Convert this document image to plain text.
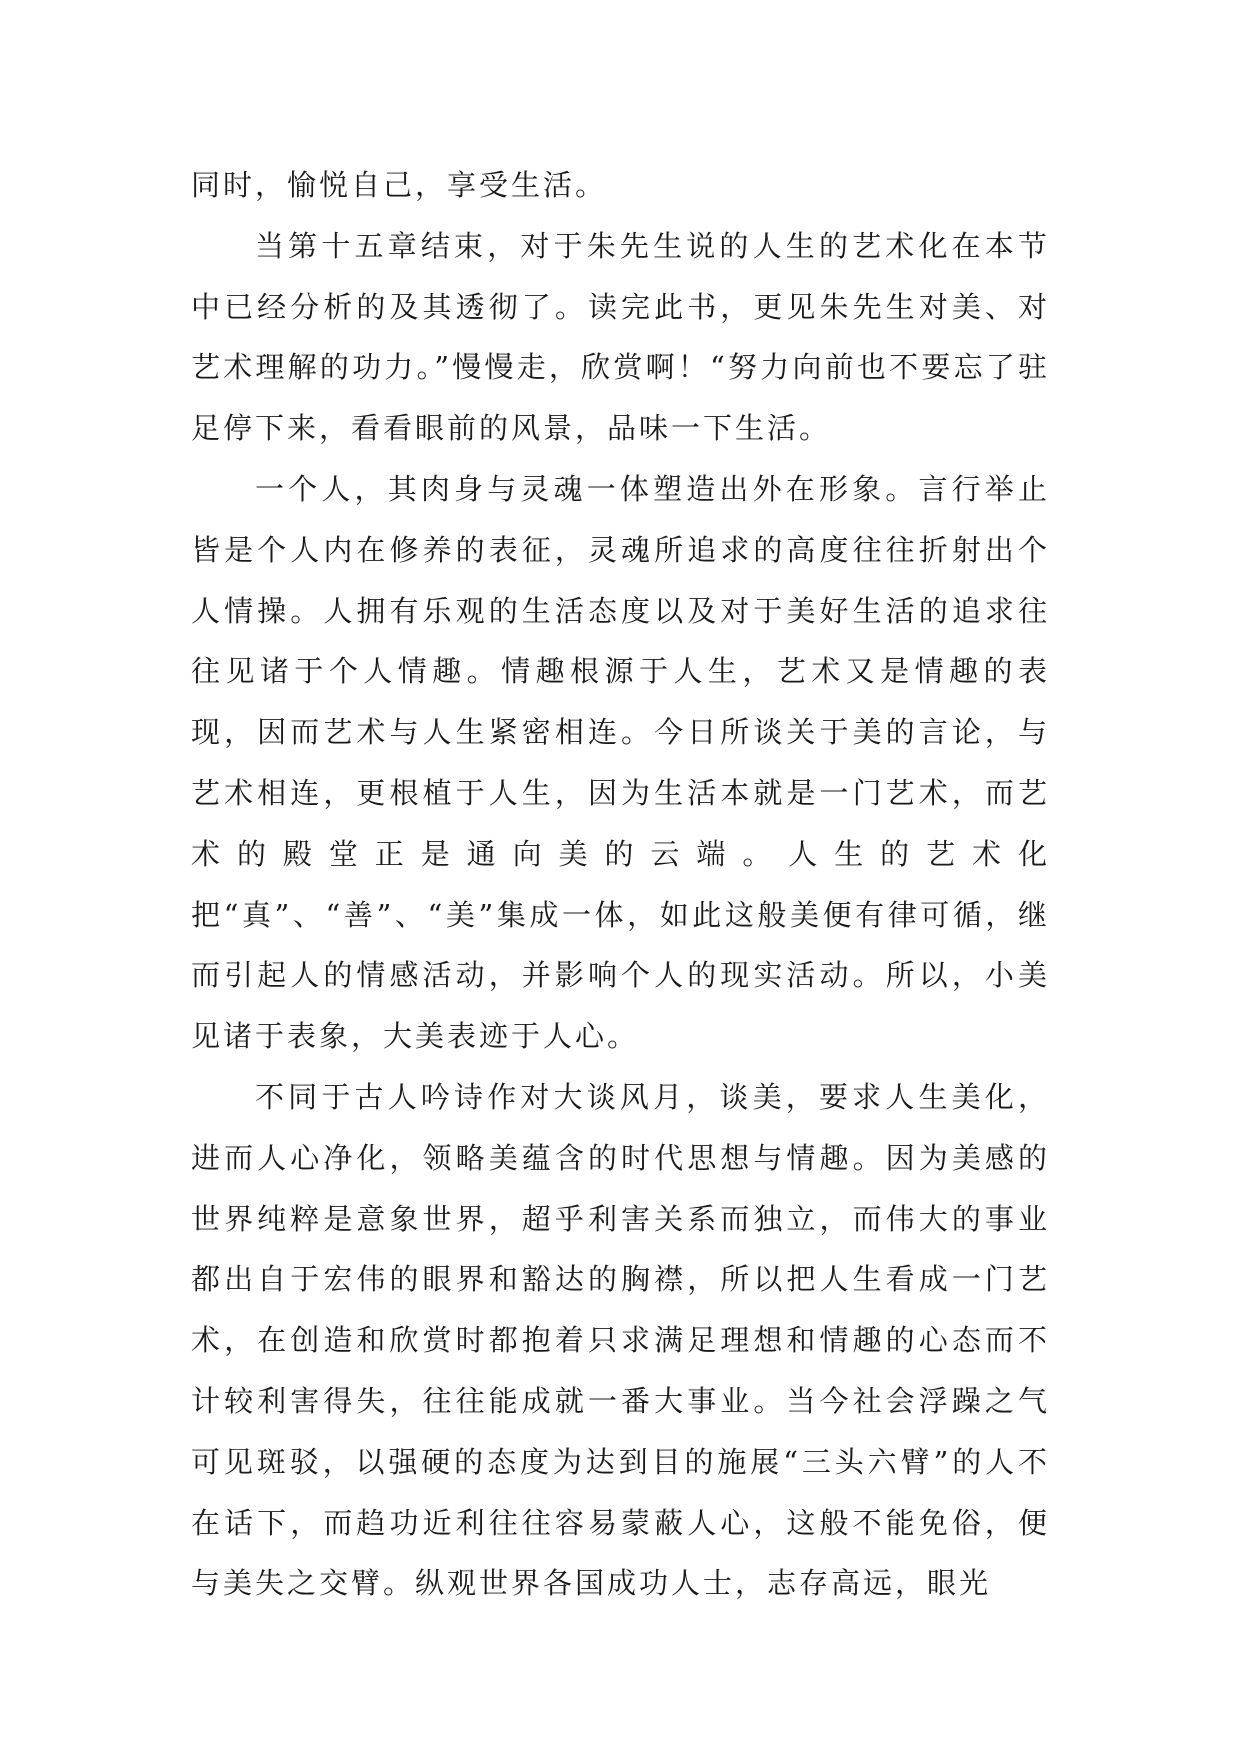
同时，愉悦自己，享受生活。

当第十五章结束，对于朱先生说的人生的艺术化在本节中已经分析的及其透彻了。读完此书，更见朱先生对美、对艺术理解的功力。”慢慢走，欣赏啊！“努力向前也不要忘了驻足停下来，看看眼前的风景，品味一下生活。

一个人，其肉身与灵魂一体塑造出外在形象。言行举止皆是个人内在修养的表征，灵魂所追求的高度往往折射出个人情操。人拥有乐观的生活态度以及对于美好生活的追求往往见诸于个人情趣。情趣根源于人生，艺术又是情趣的表现，因而艺术与人生紧密相连。今日所谈关于美的言论，与艺术相连，更根植于人生，因为生活本就是一门艺术，而艺术的殿堂正是通向美的云端。人生的艺术化把“真”、“善”、“美”集成一体，如此这般美便有律可循，继而引起人的情感活动，并影响个人的现实活动。所以，小美见诸于表象，大美表迹于人心。

不同于古人吟诗作对大谈风月，谈美，要求人生美化，进而人心净化，领略美蕴含的时代思想与情趣。因为美感的世界纯粹是意象世界，超乎利害关系而独立，而伟大的事业都出自于宏伟的眼界和豁达的胸襟，所以把人生看成一门艺术，在创造和欣赏时都抱着只求满足理想和情趣的心态而不计较利害得失，往往能成就一番大事业。当今社会浮躁之气可见斑驳，以强硬的态度为达到目的施展“三头六臂”的人不在话下，而趋功近利往往容易蒙蔽人心，这般不能免俗，便与美失之交臂。纵观世界各国成功人士，志存高远，眼光
